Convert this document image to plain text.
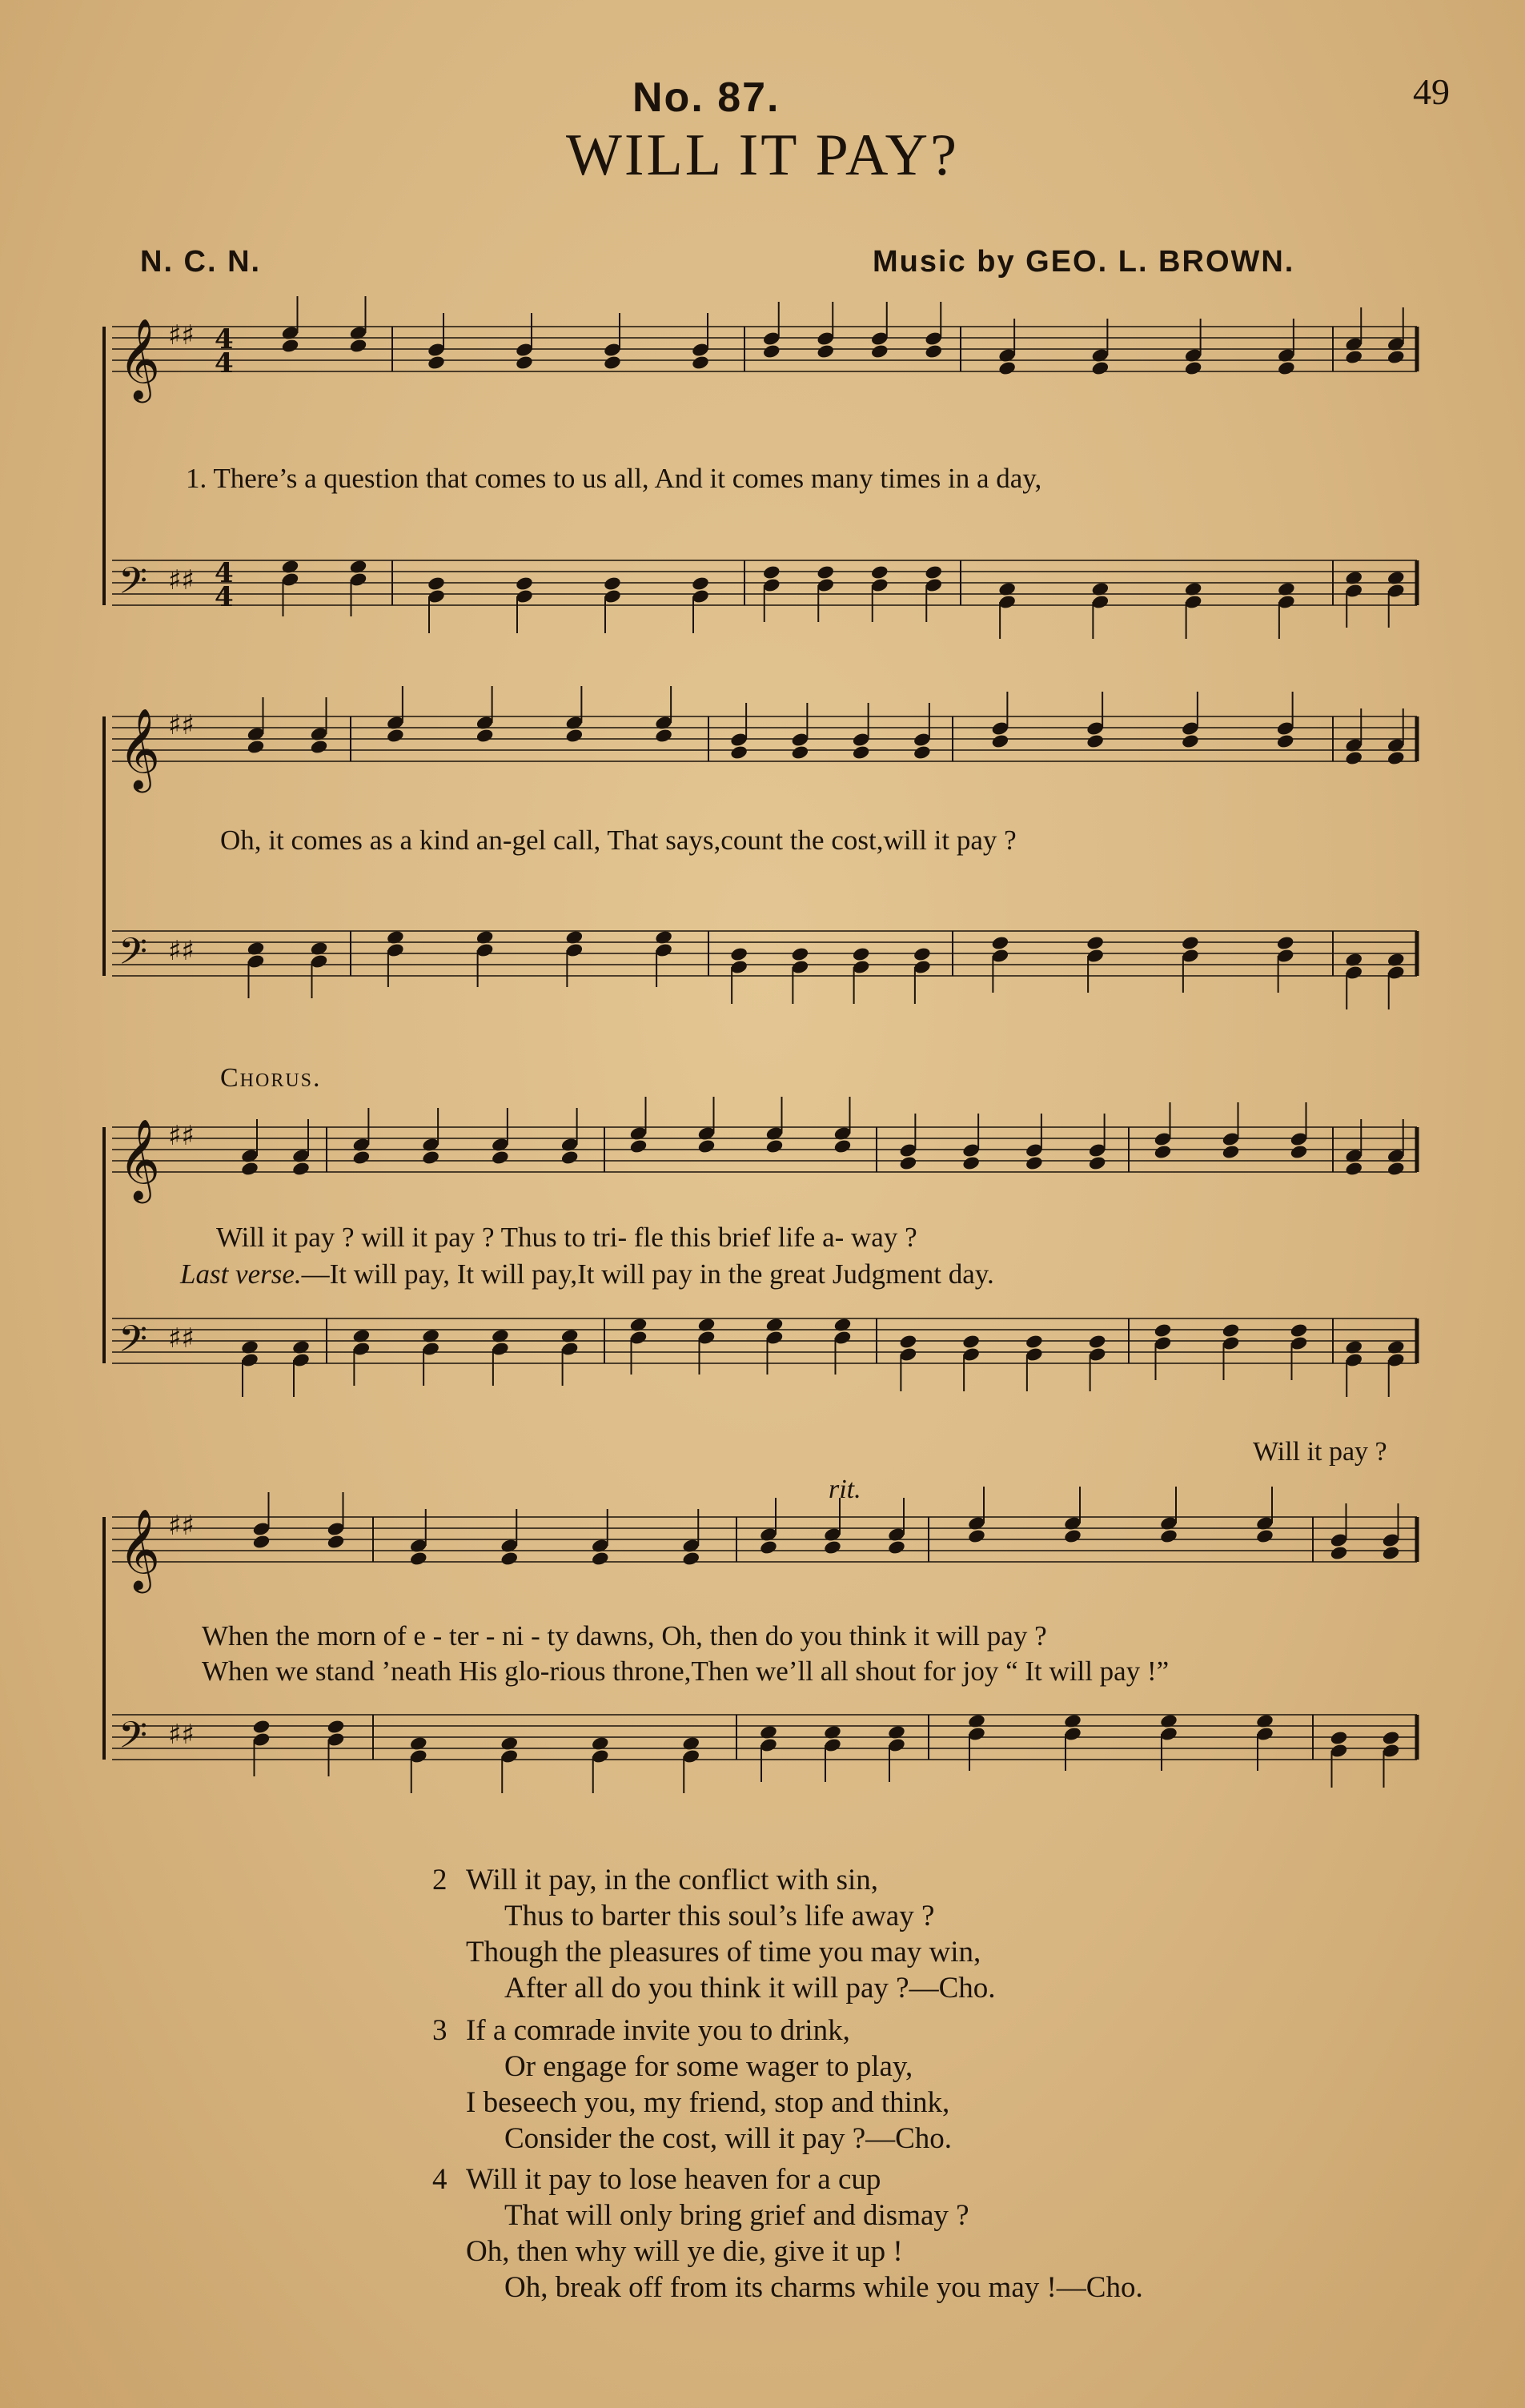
No. 87.	49
WILL IT PAY?
N. C. N.	Music by GEO. L. BROWN.
𝄞 ♯♯ 4
4
𝄢 ♯♯ 4
4
𝄞 ♯♯
𝄢 ♯♯
𝄞 ♯♯
𝄢 ♯♯
𝄞 ♯♯
𝄢 ♯♯
1. There’s a question that comes to us all, And it comes many times in a day,
Oh, it comes as a kind an-gel call, That says,count the cost,will it pay ?
Chorus.
Will it pay ? will it pay ? Thus to tri- fle this brief life a- way ?
Last verse.—It will pay, It will pay,It will pay in the great Judgment day.
Will it pay ?
rit.
When the morn of e - ter - ni - ty dawns, Oh, then do you think it will pay ?
When we stand ’neath His glo-rious throne,Then we’ll all shout for joy “ It will pay !”
2 Will it pay, in the conflict with sin,
Thus to barter this soul’s life away ?
Though the pleasures of time you may win,
After all do you think it will pay ?—Cho.
3 If a comrade invite you to drink,
Or engage for some wager to play,
I beseech you, my friend, stop and think,
Consider the cost, will it pay ?—Cho.
4 Will it pay to lose heaven for a cup
That will only bring grief and dismay ?
Oh, then why will ye die, give it up !
Oh, break off from its charms while you may !—Cho.
